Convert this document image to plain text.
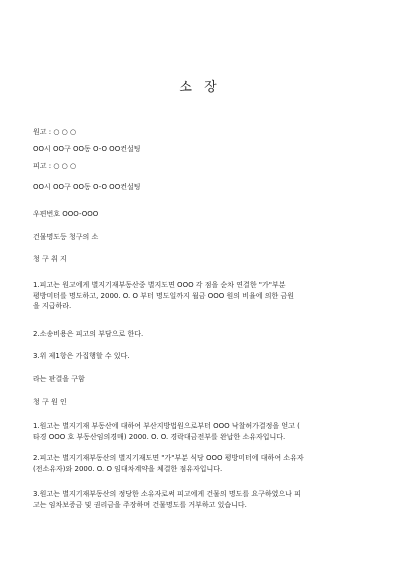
소 장
원고 : ○ ○ ○
OO시 OO구 OO동 O-O OO컨설팅
피고 : ○ ○ ○
OO시 OO구 OO동 O-O OO컨설팅
우편번호 OOO-OOO
건물명도등 청구의 소
청 구 취 지
1.피고는 원고에게 별지기재부동산중 별지도면 OOO 각 점을 순차 연결한 "가"부분
평방미터를 명도하고, 2000. O. O 부터 명도일까지 월금 OOO 원의 비율에 의한 금원
을 지급하라.
2.소송비용은 피고의 부담으로 한다.
3.위 제1항은 가집행할 수 있다.
라는 판결을 구함
청 구 원 인
1.원고는 별지기재 부동산에 대하여 부산지방법원으로부터 OOO 낙찰허가결정을 얻고 (
타경 OOO 호 부동산임의경매) 2000. O. O. 경락대금전부를 완납한 소유자입니다.
2.피고는 별지기재부동산의 별지기재도면 "가"부분 식당 OOO 평방미터에 대하여 소유자
(전소유자)와 2000. O. O 임대차계약을 체결한 점유자입니다.
3.원고는 별지기재부동산의 정당한 소유자로써 피고에게 건물의 명도를 요구하였으나 피
고는 임차보증금 및 권리금을 주장하며 건물명도를 거부하고 있습니다.
